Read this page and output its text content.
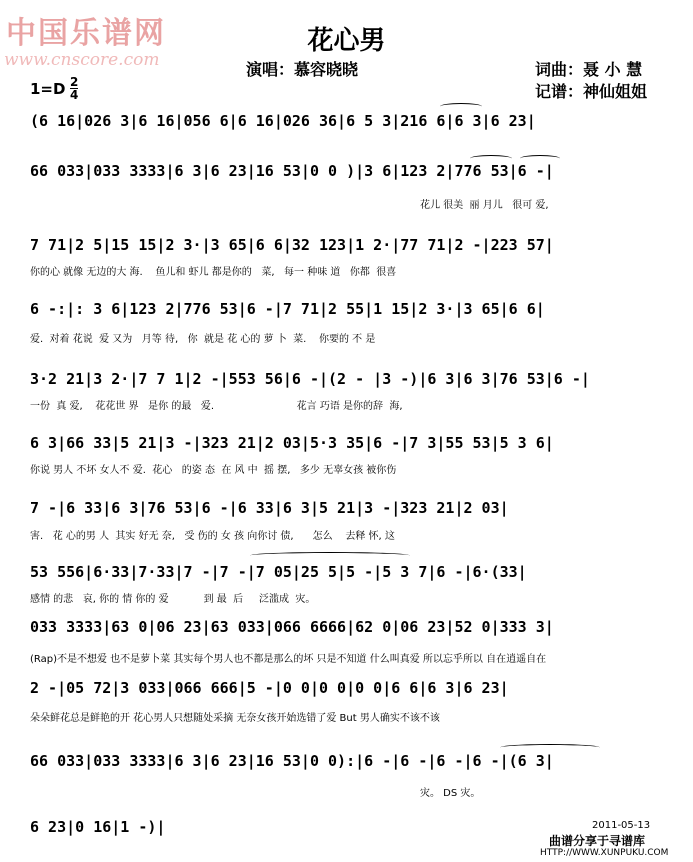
中国乐谱网
www.cnscore.com
花心男
演唱：慕容晓晓	词曲：聂 小 慧
记谱：神仙姐姐
1=D 2
4
(6 16|026 3|6 16|056 6|6 16|026 36|6 5 3|216 6|6 3|6 23|
66 033|033 3333|6 3|6 23|16 53|0 0 )|3 6|123 2|776 53|6 -|
花儿 很美  丽 月儿   很可 爱,
7 71|2 5|15 15|2 3·|3 65|6 6|32 123|1 2·|77 71|2 -|223 57|
你的心 就像 无边的大 海.    鱼儿和 虾儿 都是你的   菜,   每一 种味 道   你都  很喜
6 -:|: 3 6|123 2|776 53|6 -|7 71|2 55|1 15|2 3·|3 65|6 6|
爱.  对着 花说  爱 又为   月等 待,   你  就是 花 心的 萝 卜  菜.    你要的 不 是
3·2 21|3 2·|7 7 1|2 -|553 56|6 -|(2 - |3 -)|6 3|6 3|76 53|6 -|
一份  真 爱,    花花世 界   是你 的最   爱.                          花言 巧语 是你的辞  海,
6 3|66 33|5 21|3 -|323 21|2 03|5·3 35|6 -|7 3|55 53|5 3 6|
你说 男人 不坏 女人不 爱.  花心   的姿 态  在 风 中  摇 摆,   多少 无辜女孩 被你伤
7 -|6 33|6 3|76 53|6 -|6 33|6 3|5 21|3 -|323 21|2 03|
害.   花 心的男 人  其实 好无 奈,   受 伤的 女 孩 向你讨 债,      怎么    去释 怀, 这
53 556|6·33|7·33|7 -|7 -|7 05|25 5|5 -|5 3 7|6 -|6·(33|
感情 的悲   哀, 你的 情 你的 爱           到 最  后     泛滥成  灾。
033 3333|63 0|06 23|63 033|066 6666|62 0|06 23|52 0|333 3|
(Rap)不是不想爱 也不是萝卜菜 其实每个男人也不都是那么的坏 只是不知道 什么叫真爱 所以忘乎所以 自在逍遥自在
2 -|05 72|3 033|066 666|5 -|0 0|0 0|0 0|6 6|6 3|6 23|
朵朵鲜花总是鲜艳的开 花心男人只想随处采摘 无奈女孩开始选错了爱 But 男人确实不该不该
66 033|033 3333|6 3|6 23|16 53|0 0):|6 -|6 -|6 -|6 -|(6 3|
灾。 DS 灾。
6 23|0 16|1 -)|	2011-05-13
曲谱分享于寻谱库
HTTP://WWW.XUNPUKU.COM
